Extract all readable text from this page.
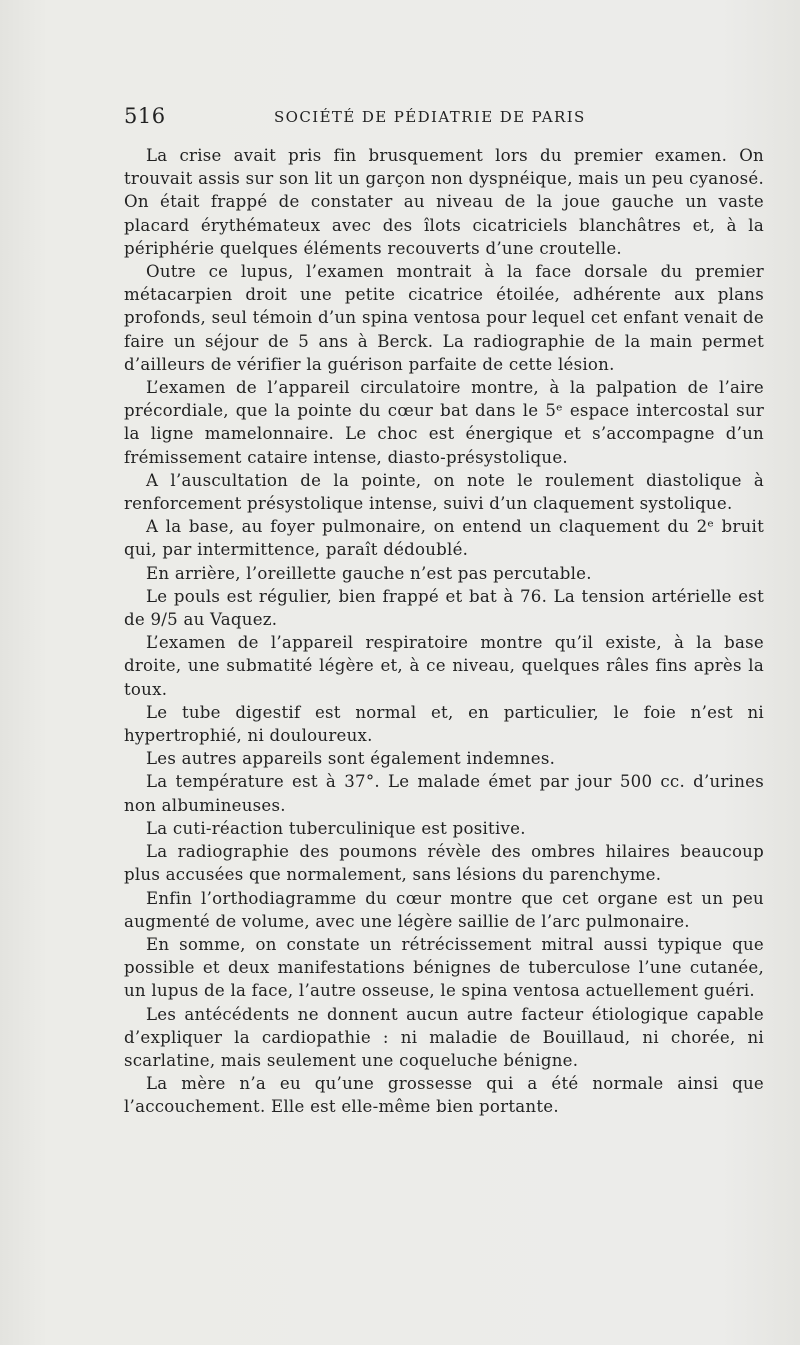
516	SOCIÉTÉ DE PÉDIATRIE DE PARIS

La crise avait pris fin brusquement lors du premier examen. On trouvait assis sur son lit un garçon non dyspnéique, mais un peu cyanosé. On était frappé de constater au niveau de la joue gauche un vaste placard érythémateux avec des îlots cicatriciels blanchâtres et, à la périphérie quelques éléments recouverts d’une croutelle.

Outre ce lupus, l’examen montrait à la face dorsale du premier métacarpien droit une petite cicatrice étoilée, adhérente aux plans profonds, seul témoin d’un spina ventosa pour lequel cet enfant venait de faire un séjour de 5 ans à Berck. La radiographie de la main permet d’ailleurs de vérifier la guérison parfaite de cette lésion.

L’examen de l’appareil circulatoire montre, à la palpation de l’aire précordiale, que la pointe du cœur bat dans le 5ᵉ espace intercostal sur la ligne mamelonnaire. Le choc est énergique et s’accompagne d’un frémissement cataire intense, diasto-présystolique.

A l’auscultation de la pointe, on note le roulement diastolique à renforcement présystolique intense, suivi d’un claquement systolique.

A la base, au foyer pulmonaire, on entend un claquement du 2ᵉ bruit qui, par intermittence, paraît dédoublé.

En arrière, l’oreillette gauche n’est pas percutable.

Le pouls est régulier, bien frappé et bat à 76. La tension artérielle est de 9/5 au Vaquez.

L’examen de l’appareil respiratoire montre qu’il existe, à la base droite, une submatité légère et, à ce niveau, quelques râles fins après la toux.

Le tube digestif est normal et, en particulier, le foie n’est ni hypertrophié, ni douloureux.

Les autres appareils sont également indemnes.

La température est à 37°. Le malade émet par jour 500 cc. d’urines non albumineuses.

La cuti-réaction tuberculinique est positive.

La radiographie des poumons révèle des ombres hilaires beaucoup plus accusées que normalement, sans lésions du parenchyme.

Enfin l’orthodiagramme du cœur montre que cet organe est un peu augmenté de volume, avec une légère saillie de l’arc pulmonaire.

En somme, on constate un rétrécissement mitral aussi typique que possible et deux manifestations bénignes de tuberculose l’une cutanée, un lupus de la face, l’autre osseuse, le spina ventosa actuellement guéri.

Les antécédents ne donnent aucun autre facteur étiologique capable d’expliquer la cardiopathie : ni maladie de Bouillaud, ni chorée, ni scarlatine, mais seulement une coqueluche bénigne.

La mère n’a eu qu’une grossesse qui a été normale ainsi que l’accouchement. Elle est elle-même bien portante.
